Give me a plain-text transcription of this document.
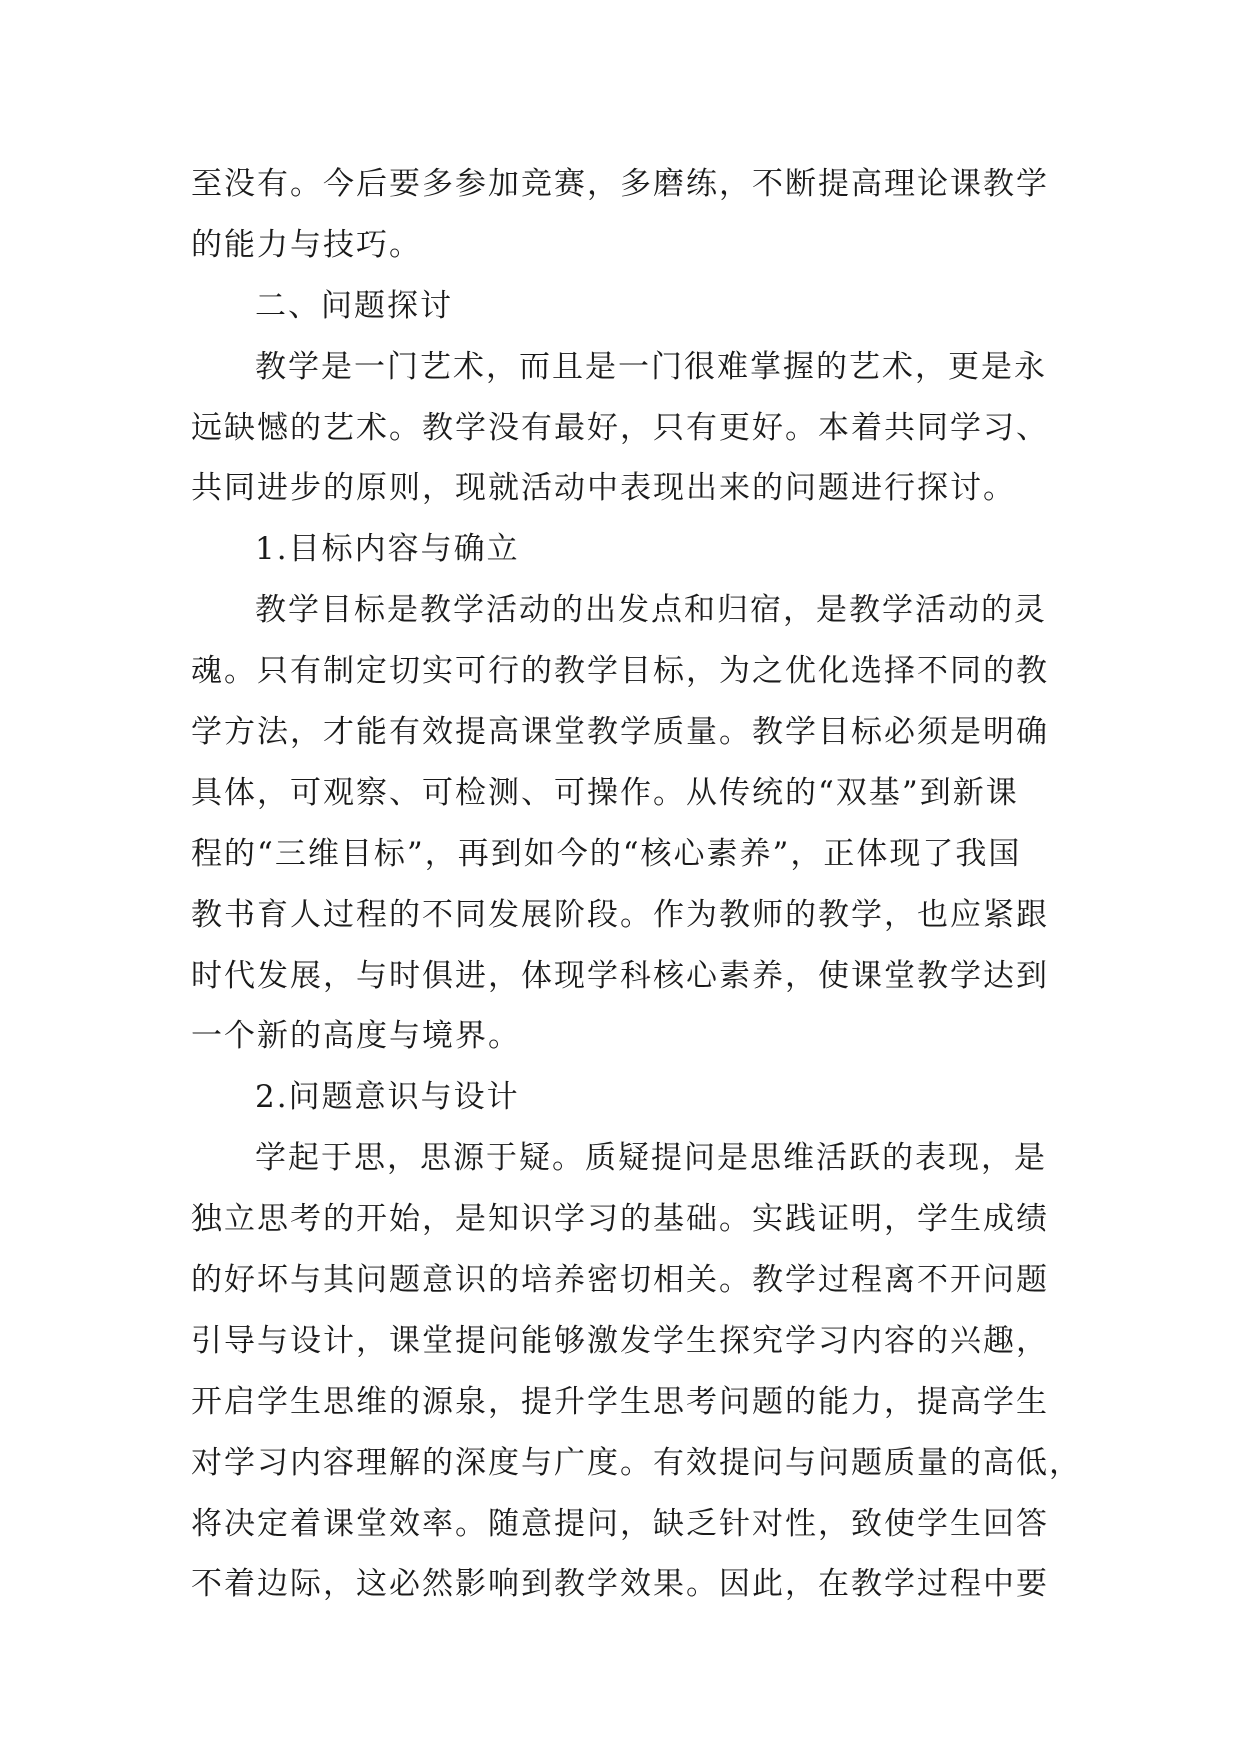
至没有。今后要多参加竞赛，多磨练，不断提高理论课教学
的能力与技巧。
二、问题探讨
教学是一门艺术，而且是一门很难掌握的艺术，更是永
远缺憾的艺术。教学没有最好，只有更好。本着共同学习、
共同进步的原则，现就活动中表现出来的问题进行探讨。
1.目标内容与确立
教学目标是教学活动的出发点和归宿，是教学活动的灵
魂。只有制定切实可行的教学目标，为之优化选择不同的教
学方法，才能有效提高课堂教学质量。教学目标必须是明确
具体，可观察、可检测、可操作。从传统的“双基”到新课
程的“三维目标”，再到如今的“核心素养”，正体现了我国
教书育人过程的不同发展阶段。作为教师的教学，也应紧跟
时代发展，与时俱进，体现学科核心素养，使课堂教学达到
一个新的高度与境界。
2.问题意识与设计
学起于思，思源于疑。质疑提问是思维活跃的表现，是
独立思考的开始，是知识学习的基础。实践证明，学生成绩
的好坏与其问题意识的培养密切相关。教学过程离不开问题
引导与设计，课堂提问能够激发学生探究学习内容的兴趣，
开启学生思维的源泉，提升学生思考问题的能力，提高学生
对学习内容理解的深度与广度。有效提问与问题质量的高低，
将决定着课堂效率。随意提问，缺乏针对性，致使学生回答
不着边际，这必然影响到教学效果。因此，在教学过程中要
